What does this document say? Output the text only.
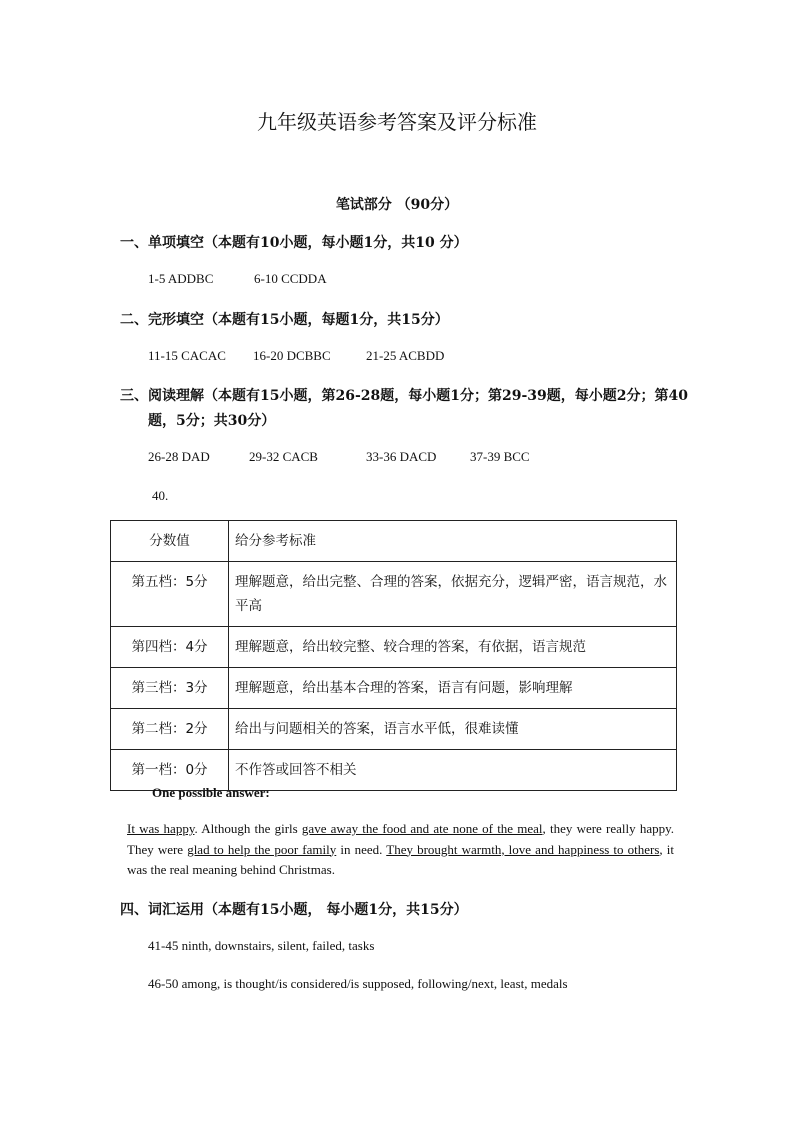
九年级英语参考答案及评分标准
笔试部分 （90分）
一、单项填空（本题有10小题，每小题1分，共10 分）
1-5 ADDBC	6-10 CCDDA
二、完形填空（本题有15小题，每题1分，共15分）
11-15 CACAC 16-20 DCBBC	21-25 ACBDD
三、阅读理解（本题有15小题，第26-28题，每小题1分；第29-39题，每小题2分；第40
题，5分；共30分）
26-28 DAD	29-32 CACB	33-36 DACD	37-39 BCC
40.
分数值	给分参考标准
第五档：5分	理解题意，给出完整、合理的答案，依据充分，逻辑严密，语言规范，水平高
第四档：4分	理解题意，给出较完整、较合理的答案，有依据，语言规范
第三档：3分	理解题意，给出基本合理的答案，语言有问题，影响理解
第二档：2分	给出与问题相关的答案，语言水平低，很难读懂
第一档：0分	不作答或回答不相关
One possible answer:
It was happy. Although the girls gave away the food and ate none of the meal, they were really happy. They were glad to help the poor family in need. They brought warmth, love and happiness to others, it was the real meaning behind Christmas.
四、词汇运用（本题有15小题， 每小题1分，共15分）
41-45 ninth, downstairs, silent, failed, tasks
46-50 among, is thought/is considered/is supposed, following/next, least, medals
